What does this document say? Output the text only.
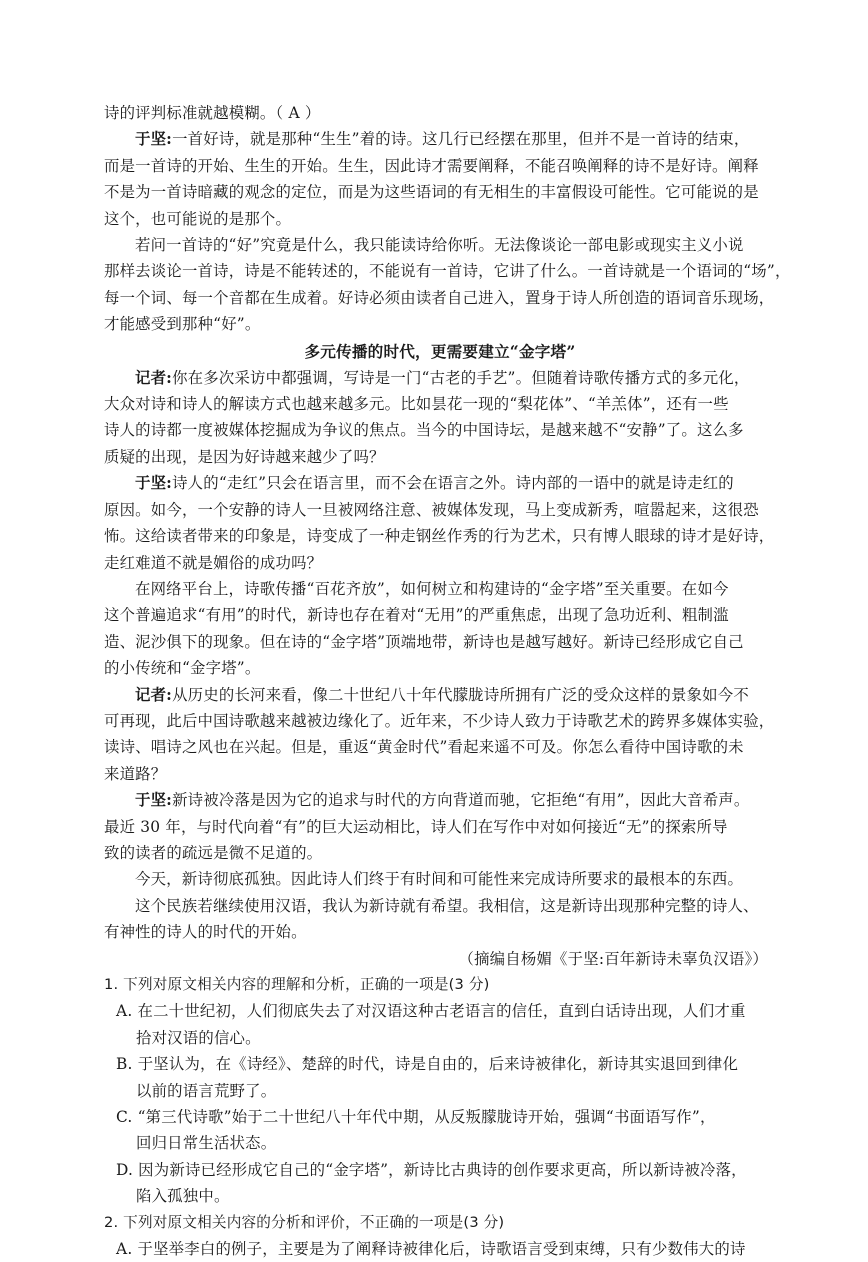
诗的评判标准就越模糊。（ A ）
于坚:一首好诗，就是那种“生生”着的诗。这几行已经摆在那里，但并不是一首诗的结束，
而是一首诗的开始、生生的开始。生生，因此诗才需要阐释，不能召唤阐释的诗不是好诗。阐释
不是为一首诗暗藏的观念的定位，而是为这些语词的有无相生的丰富假设可能性。它可能说的是
这个，也可能说的是那个。
若问一首诗的“好”究竟是什么，我只能读诗给你听。无法像谈论一部电影或现实主义小说
那样去谈论一首诗，诗是不能转述的，不能说有一首诗，它讲了什么。一首诗就是一个语词的“场”，
每一个词、每一个音都在生成着。好诗必须由读者自己进入，置身于诗人所创造的语词音乐现场，
才能感受到那种“好”。
多元传播的时代，更需要建立“金字塔”
记者:你在多次采访中都强调，写诗是一门“古老的手艺”。但随着诗歌传播方式的多元化，
大众对诗和诗人的解读方式也越来越多元。比如昙花一现的“梨花体”、“羊羔体”，还有一些
诗人的诗都一度被媒体挖掘成为争议的焦点。当今的中国诗坛，是越来越不“安静”了。这么多
质疑的出现，是因为好诗越来越少了吗？
于坚:诗人的“走红”只会在语言里，而不会在语言之外。诗内部的一语中的就是诗走红的
原因。如今，一个安静的诗人一旦被网络注意、被媒体发现，马上变成新秀，喧嚣起来，这很恐
怖。这给读者带来的印象是，诗变成了一种走钢丝作秀的行为艺术，只有博人眼球的诗才是好诗，
走红难道不就是媚俗的成功吗？
在网络平台上，诗歌传播“百花齐放”，如何树立和构建诗的“金字塔”至关重要。在如今
这个普遍追求“有用”的时代，新诗也存在着对“无用”的严重焦虑，出现了急功近利、粗制滥
造、泥沙俱下的现象。但在诗的“金字塔”顶端地带，新诗也是越写越好。新诗已经形成它自己
的小传统和“金字塔”。
记者:从历史的长河来看，像二十世纪八十年代朦胧诗所拥有广泛的受众这样的景象如今不
可再现，此后中国诗歌越来越被边缘化了。近年来，不少诗人致力于诗歌艺术的跨界多媒体实验，
读诗、唱诗之风也在兴起。但是，重返“黄金时代”看起来遥不可及。你怎么看待中国诗歌的未
来道路？
于坚:新诗被冷落是因为它的追求与时代的方向背道而驰，它拒绝“有用”，因此大音希声。
最近 30 年，与时代向着“有”的巨大运动相比，诗人们在写作中对如何接近“无”的探索所导
致的读者的疏远是微不足道的。
今天，新诗彻底孤独。因此诗人们终于有时间和可能性来完成诗所要求的最根本的东西。
这个民族若继续使用汉语，我认为新诗就有希望。我相信，这是新诗出现那种完整的诗人、
有神性的诗人的时代的开始。
（摘编自杨媚《于坚:百年新诗未辜负汉语》）
1. 下列对原文相关内容的理解和分析，正确的一项是(3 分)
A. 在二十世纪初，人们彻底失去了对汉语这种古老语言的信任，直到白话诗出现，人们才重
拾对汉语的信心。
B. 于坚认为，在《诗经》、楚辞的时代，诗是自由的，后来诗被律化，新诗其实退回到律化
以前的语言荒野了。
C. “第三代诗歌”始于二十世纪八十年代中期，从反叛朦胧诗开始，强调“书面语写作”，
回归日常生活状态。
D. 因为新诗已经形成它自己的“金字塔”，新诗比古典诗的创作要求更高，所以新诗被冷落，
陷入孤独中。
2. 下列对原文相关内容的分析和评价，不正确的一项是(3 分)
A. 于坚举李白的例子，主要是为了阐释诗被律化后，诗歌语言受到束缚，只有少数伟大的诗
